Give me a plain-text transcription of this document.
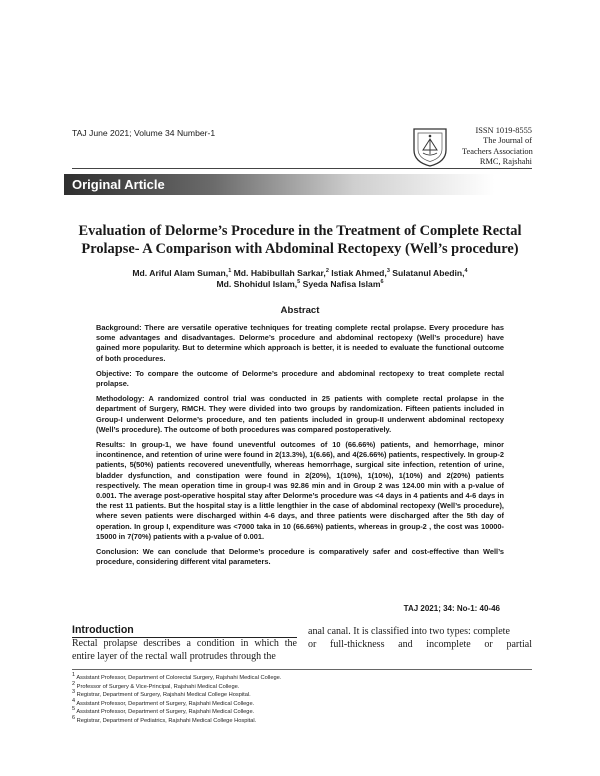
TAJ June 2021; Volume 34 Number-1	ISSN 1019-8555
The Journal of
Teachers Association
RMC, Rajshahi
Original Article
Evaluation of Delorme’s Procedure in the Treatment of Complete Rectal
Prolapse- A Comparison with Abdominal Rectopexy (Well’s procedure)
Md. Ariful Alam Suman,$^1$ Md. Habibullah Sarkar,$^2$ Istiak Ahmed,$^3$ Sulatanul Abedin,$^4$
Md. Shohidul Islam,$^5$ Syeda Nafisa Islam$^6$
Abstract

Background: There are versatile operative techniques for treating complete rectal prolapse. Every procedure has some advantages and disadvantages. Delorme’s procedure and abdominal rectopexy (Well’s procedure) have gained more popularity. But to determine which approach is better, it is needed to evaluate the functional outcome of both procedures.

Objective: To compare the outcome of Delorme’s procedure and abdominal rectopexy to treat complete rectal prolapse.

Methodology: A randomized control trial was conducted in 25 patients with complete rectal prolapse in the department of Surgery, RMCH. They were divided into two groups by randomization. Fifteen patients included in Group-I underwent Delorme’s procedure, and ten patients included in group-II underwent abdominal rectopexy (Well’s procedure). The outcome of both procedures was compared postoperatively.

Results: In group-1, we have found uneventful outcomes of 10 (66.66%) patients, and hemorrhage, minor incontinence, and retention of urine were found in 2(13.3%), 1(6.66), and 4(26.66%) patients, respectively. In group-2 patients, 5(50%) patients recovered uneventfully, whereas hemorrhage, surgical site infection, retention of urine, bladder dysfunction, and constipation were found in 2(20%), 1(10%), 1(10%), 1(10%) and 2(20%) patients respectively. The mean operation time in group-I was 92.86 min and in Group 2 was 124.00 min with a p-value of 0.001. The average post-operative hospital stay after Delorme’s procedure was <4 days in 4 patients and 4-6 days in the rest 11 patients. But the hospital stay is a little lengthier in the case of abdominal rectopexy (Well’s procedure), where seven patients were discharged within 4-6 days, and three patients were discharged after the 5th day of operation. In group I, expenditure was <7000 taka in 10 (66.66%) patients, whereas in group-2 , the cost was 10000-15000 in 7(70%) patients with a p-value of 0.001.

Conclusion: We can conclude that Delorme’s procedure is comparatively safer and cost-effective than Well’s procedure, considering different vital parameters.

TAJ 2021; 34: No-1: 40-46
Introduction
Rectal prolapse describes a condition in which the entire layer of the rectal wall protrudes through the
anal canal. It is classified into two types: complete
or full-thickness and incomplete or partial
$^1$ Assistant Professor, Department of Colorectal Surgery, Rajshahi Medical College.
$^2$ Professor of Surgery & Vice-Principal, Rajshahi Medical College.
$^3$ Registrar, Department of Surgery, Rajshahi Medical College Hospital.
$^4$ Assistant Professor, Department of Surgery, Rajshahi Medical College.
$^5$ Assistant Professor, Department of Surgery, Rajshahi Medical College.
$^6$ Registrar, Department of Pediatrics, Rajshahi Medical College Hospital.
